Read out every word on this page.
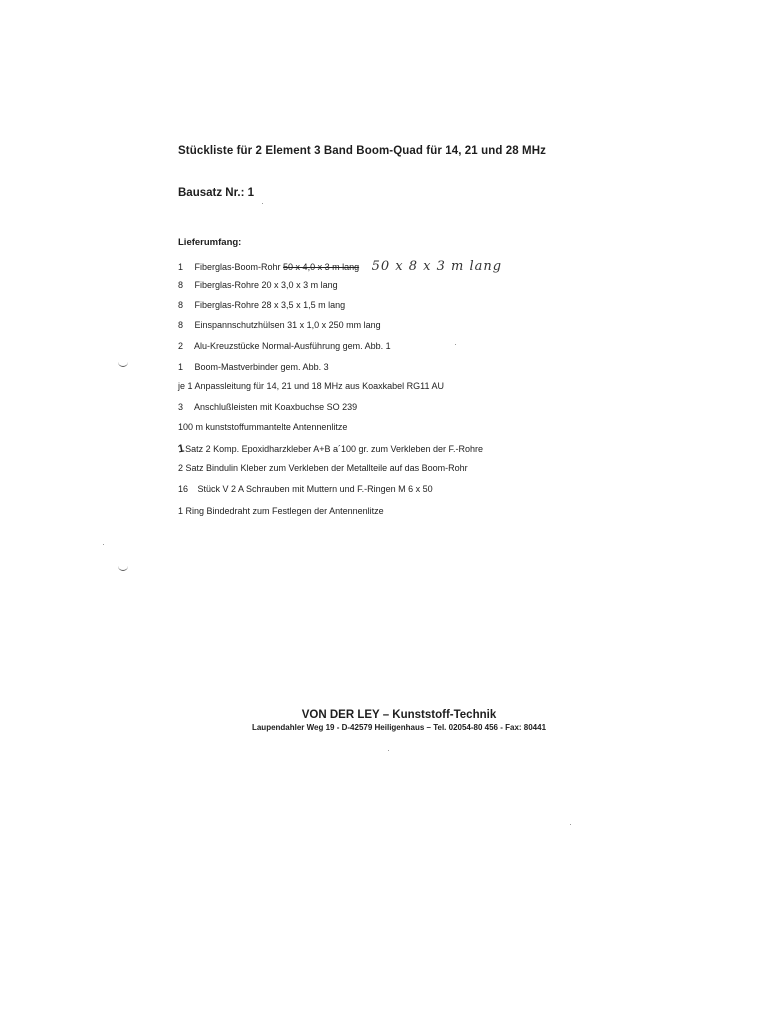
Stückliste für 2 Element 3 Band Boom-Quad für 14, 21 und 28 MHz
Bausatz Nr.: 1
Lieferumfang:
1 Fiberglas-Boom-Rohr 50 x 4,0 x 3 m lang 50 x 8 x 3 m lang
8 Fiberglas-Rohre 20 x 3,0 x 3 m lang
8 Fiberglas-Rohre 28 x 3,5 x 1,5 m lang
8 Einspannschutzhülsen 31 x 1,0 x 250 mm lang
2 Alu-Kreuzstücke Normal-Ausführung gem. Abb. 1
1 Boom-Mastverbinder gem. Abb. 3
je 1 Anpassleitung für 14, 21 und 18 MHz aus Koaxkabel RG11 AU
3 Anschlußleisten mit Koaxbuchse SO 239
100 m kunststoffummantelte Antennenlitze
1Satz 2 Komp. Epoxidharzkleber A+B a´100 gr. zum Verkleben der F.-Rohre
2 Satz Bindulin Kleber zum Verkleben der Metallteile auf das Boom-Rohr
16 Stück V 2 A Schrauben mit Muttern und F.-Ringen M 6 x 50
1 Ring Bindedraht zum Festlegen der Antennenlitze
VON DER LEY – Kunststoff-Technik
Laupendahler Weg 19 - D-42579 Heiligenhaus – Tel. 02054-80 456 - Fax: 80441
